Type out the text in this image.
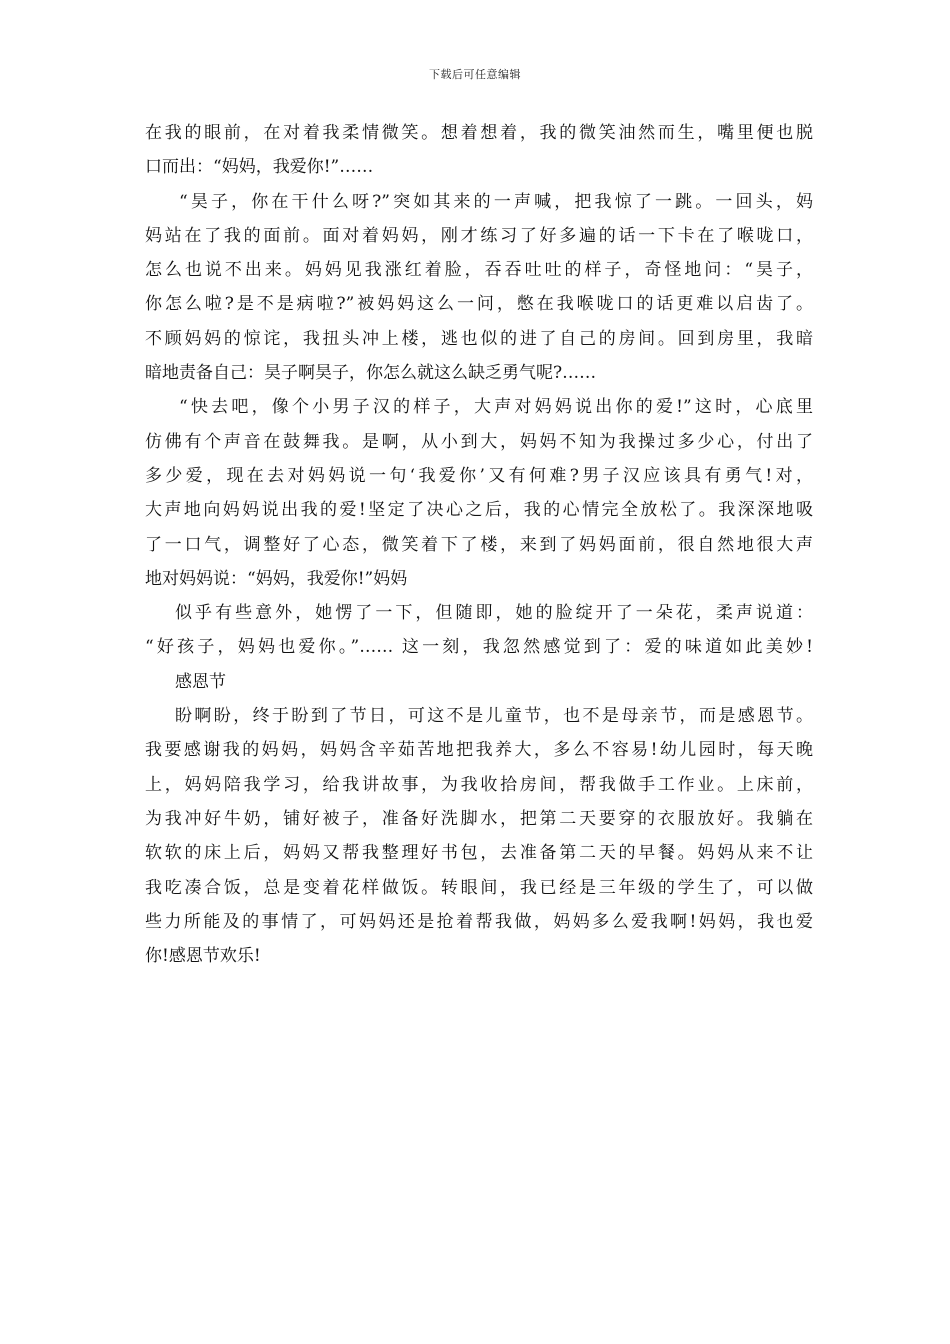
下载后可任意编辑
在我的眼前，在对着我柔情微笑。想着想着，我的微笑油然而生，嘴里便也脱
口而出：“妈妈，我爱你!”……
“昊子，你在干什么呀?”突如其来的一声喊，把我惊了一跳。一回头，妈
妈站在了我的面前。面对着妈妈，刚才练习了好多遍的话一下卡在了喉咙口，
怎么也说不出来。妈妈见我涨红着脸，吞吞吐吐的样子，奇怪地问：“昊子，
你怎么啦?是不是病啦?”被妈妈这么一问，憋在我喉咙口的话更难以启齿了。
不顾妈妈的惊诧，我扭头冲上楼，逃也似的进了自己的房间。回到房里，我暗
暗地责备自己：昊子啊昊子，你怎么就这么缺乏勇气呢?……
“快去吧，像个小男子汉的样子，大声对妈妈说出你的爱!”这时，心底里
仿佛有个声音在鼓舞我。是啊，从小到大，妈妈不知为我操过多少心，付出了
多少爱，现在去对妈妈说一句‘我爱你’又有何难?男子汉应该具有勇气!对，
大声地向妈妈说出我的爱!坚定了决心之后，我的心情完全放松了。我深深地吸
了一口气，调整好了心态，微笑着下了楼，来到了妈妈面前，很自然地很大声
地对妈妈说：“妈妈，我爱你!”妈妈
似乎有些意外，她愣了一下，但随即，她的脸绽开了一朵花，柔声说道：
“好孩子，妈妈也爱你。”…… 这一刻，我忽然感觉到了：爱的味道如此美妙!
感恩节
盼啊盼，终于盼到了节日，可这不是儿童节，也不是母亲节，而是感恩节。
我要感谢我的妈妈，妈妈含辛茹苦地把我养大，多么不容易!幼儿园时，每天晚
上，妈妈陪我学习，给我讲故事，为我收拾房间，帮我做手工作业。上床前，
为我冲好牛奶，铺好被子，准备好洗脚水，把第二天要穿的衣服放好。我躺在
软软的床上后，妈妈又帮我整理好书包，去准备第二天的早餐。妈妈从来不让
我吃凑合饭，总是变着花样做饭。转眼间，我已经是三年级的学生了，可以做
些力所能及的事情了，可妈妈还是抢着帮我做，妈妈多么爱我啊!妈妈，我也爱
你!感恩节欢乐!
